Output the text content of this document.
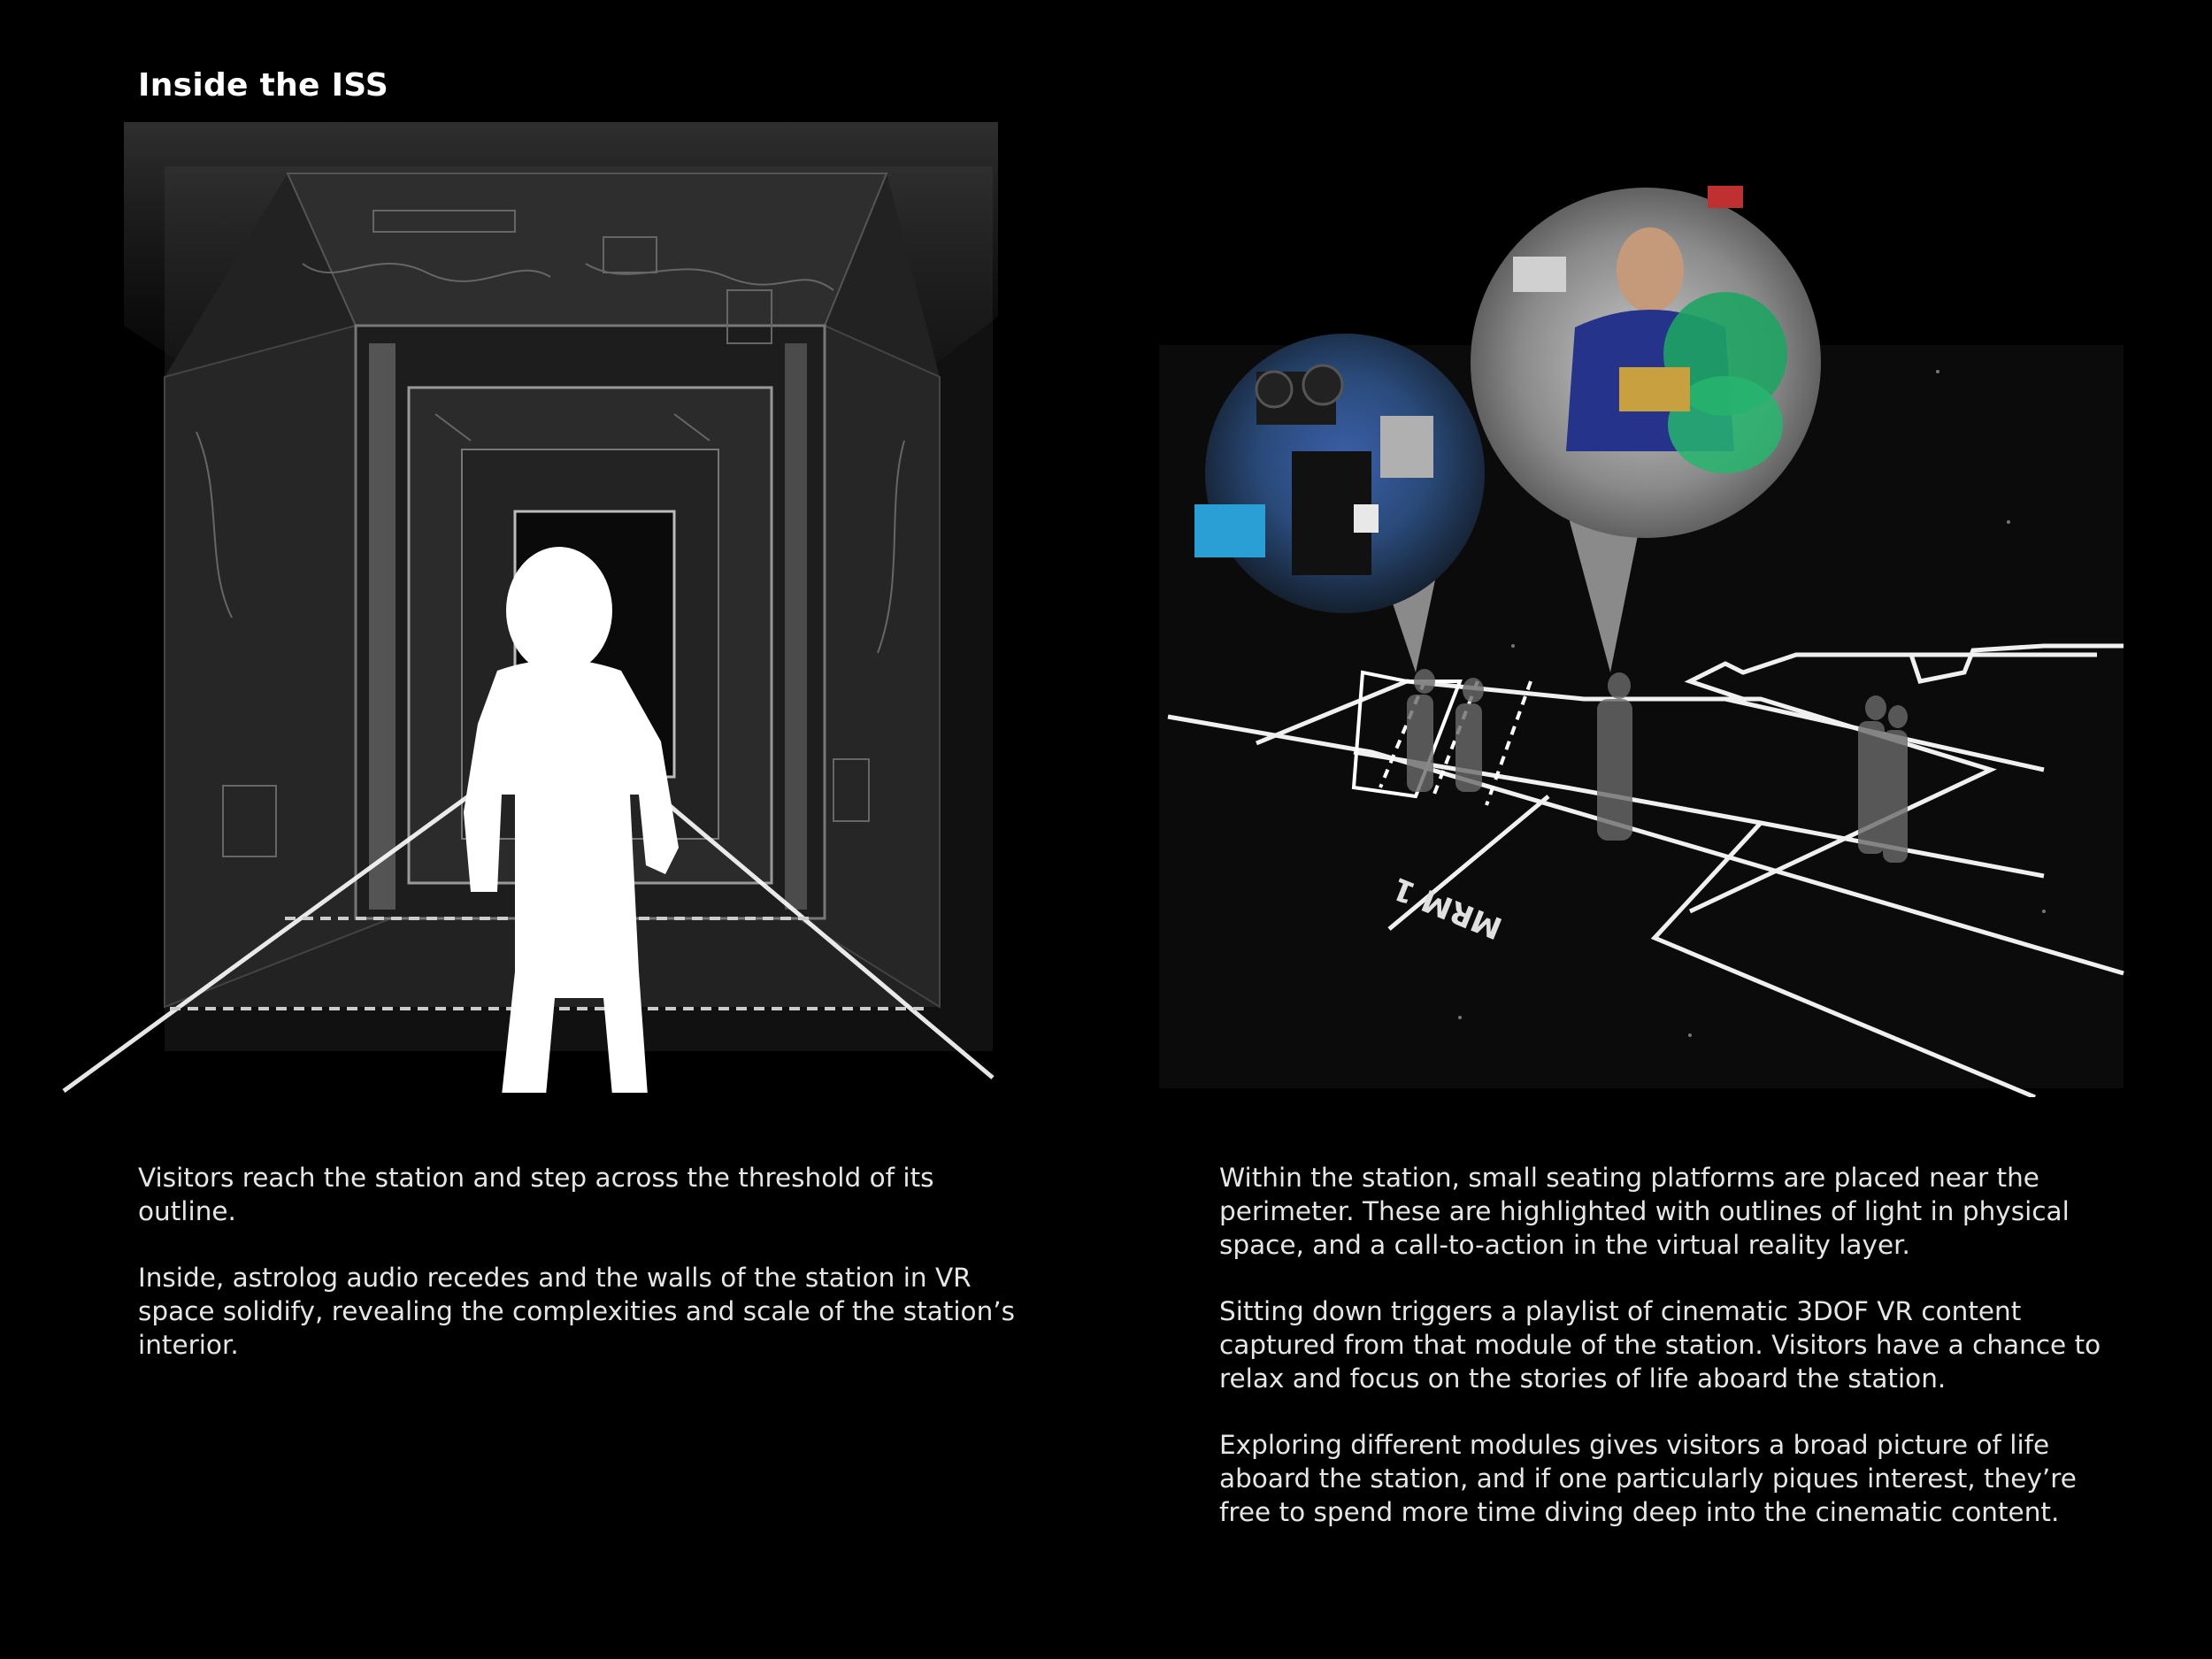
Inside the ISS
MRM 1

Visitors reach the station and step across the threshold of its outline.

Inside, astrolog audio recedes and the walls of the station in VR space solidify, revealing the complexities and scale of the station’s interior.

Within the station, small seating platforms are placed near the perimeter. These are highlighted with outlines of light in physical space, and a call-to-action in the virtual reality layer.

Sitting down triggers a playlist of cinematic 3DOF VR content captured from that module of the station. Visitors have a chance to relax and focus on the stories of life aboard the station.

Exploring different modules gives visitors a broad picture of life aboard the station, and if one particularly piques interest, they’re free to spend more time diving deep into the cinematic content.
